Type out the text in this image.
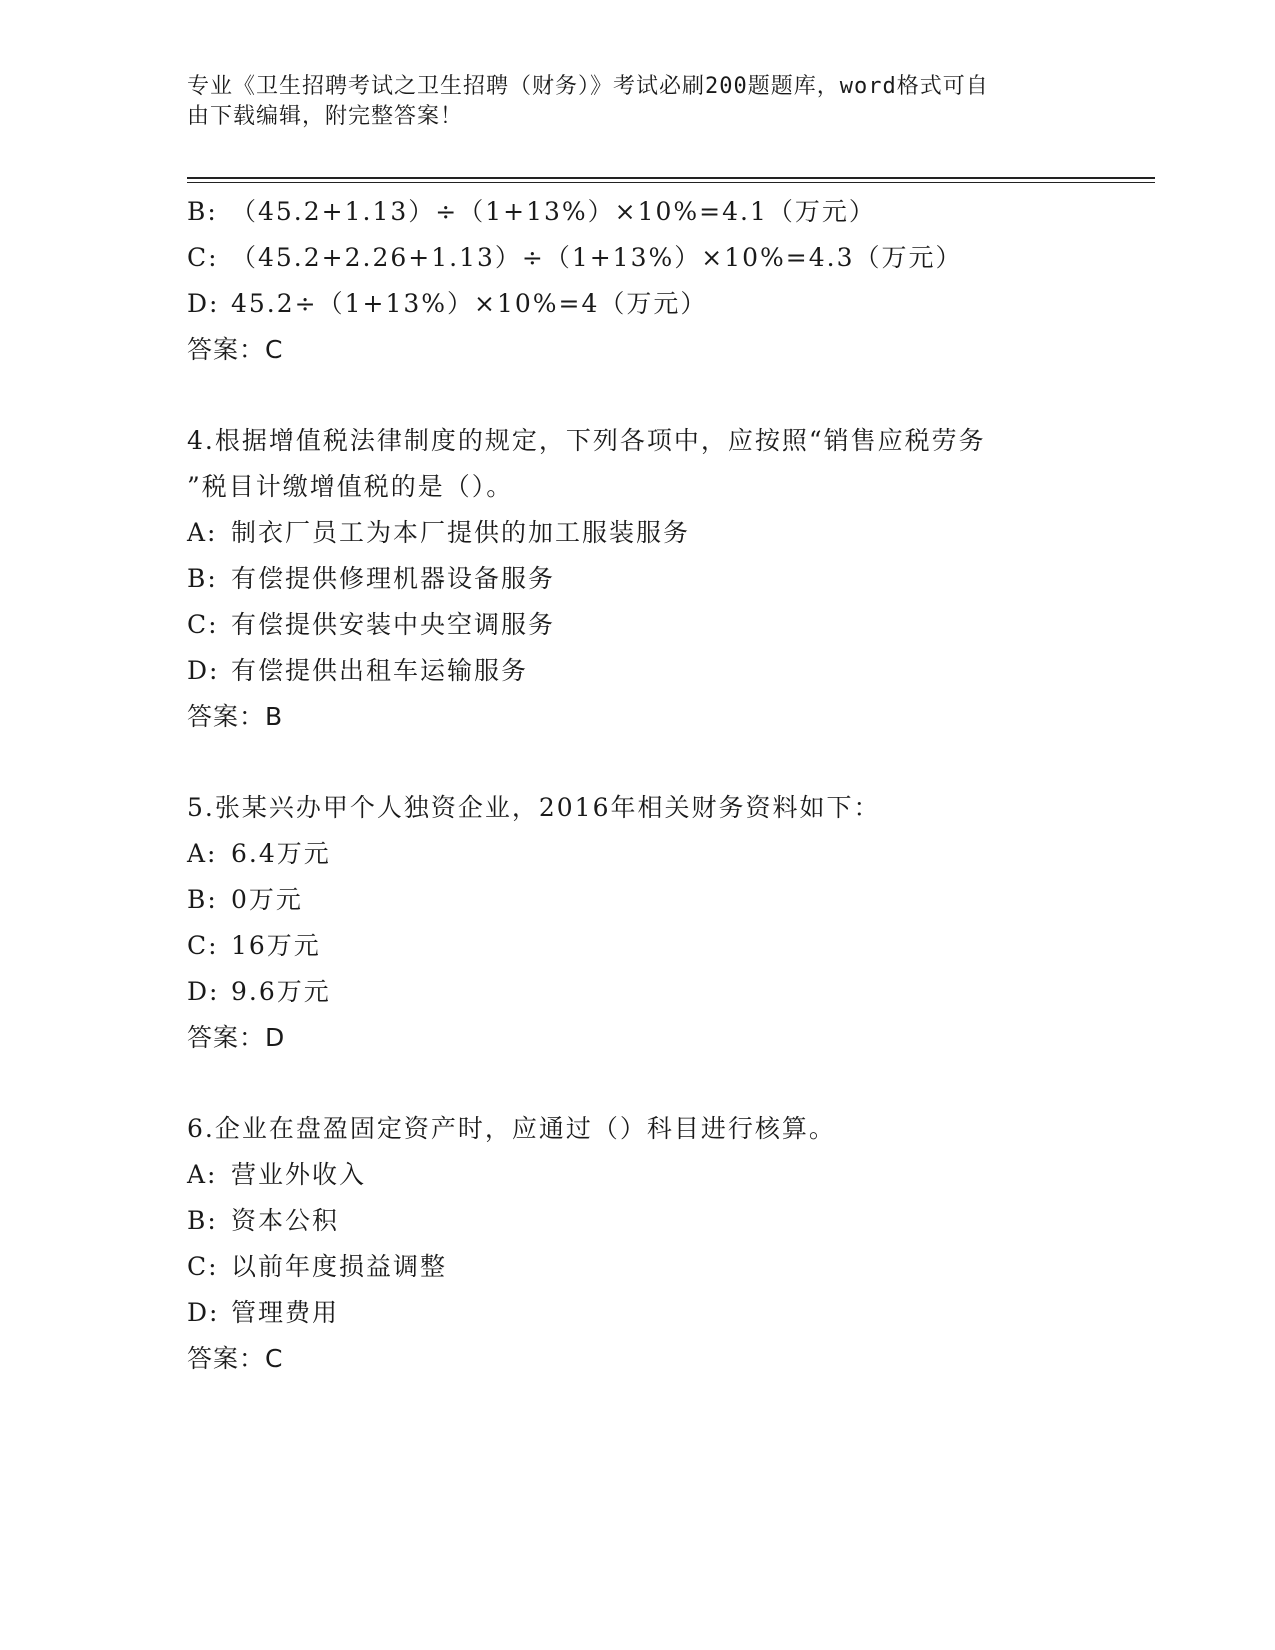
专业《卫生招聘考试之卫生招聘（财务）》考试必刷200题题库，word格式可自
由下载编辑，附完整答案！
B: （45.2+1.13）÷（1+13%）×10%=4.1（万元）
C: （45.2+2.26+1.13）÷（1+13%）×10%=4.3（万元）
D: 45.2÷（1+13%）×10%=4（万元）
答案：C
4.根据增值税法律制度的规定，下列各项中，应按照“销售应税劳务
”税目计缴增值税的是（）。
A: 制衣厂员工为本厂提供的加工服装服务
B: 有偿提供修理机器设备服务
C: 有偿提供安装中央空调服务
D: 有偿提供出租车运输服务
答案：B
5.张某兴办甲个人独资企业，2016年相关财务资料如下：
A: 6.4万元
B: 0万元
C: 16万元
D: 9.6万元
答案：D
6.企业在盘盈固定资产时，应通过（）科目进行核算。
A: 营业外收入
B: 资本公积
C: 以前年度损益调整
D: 管理费用
答案：C
